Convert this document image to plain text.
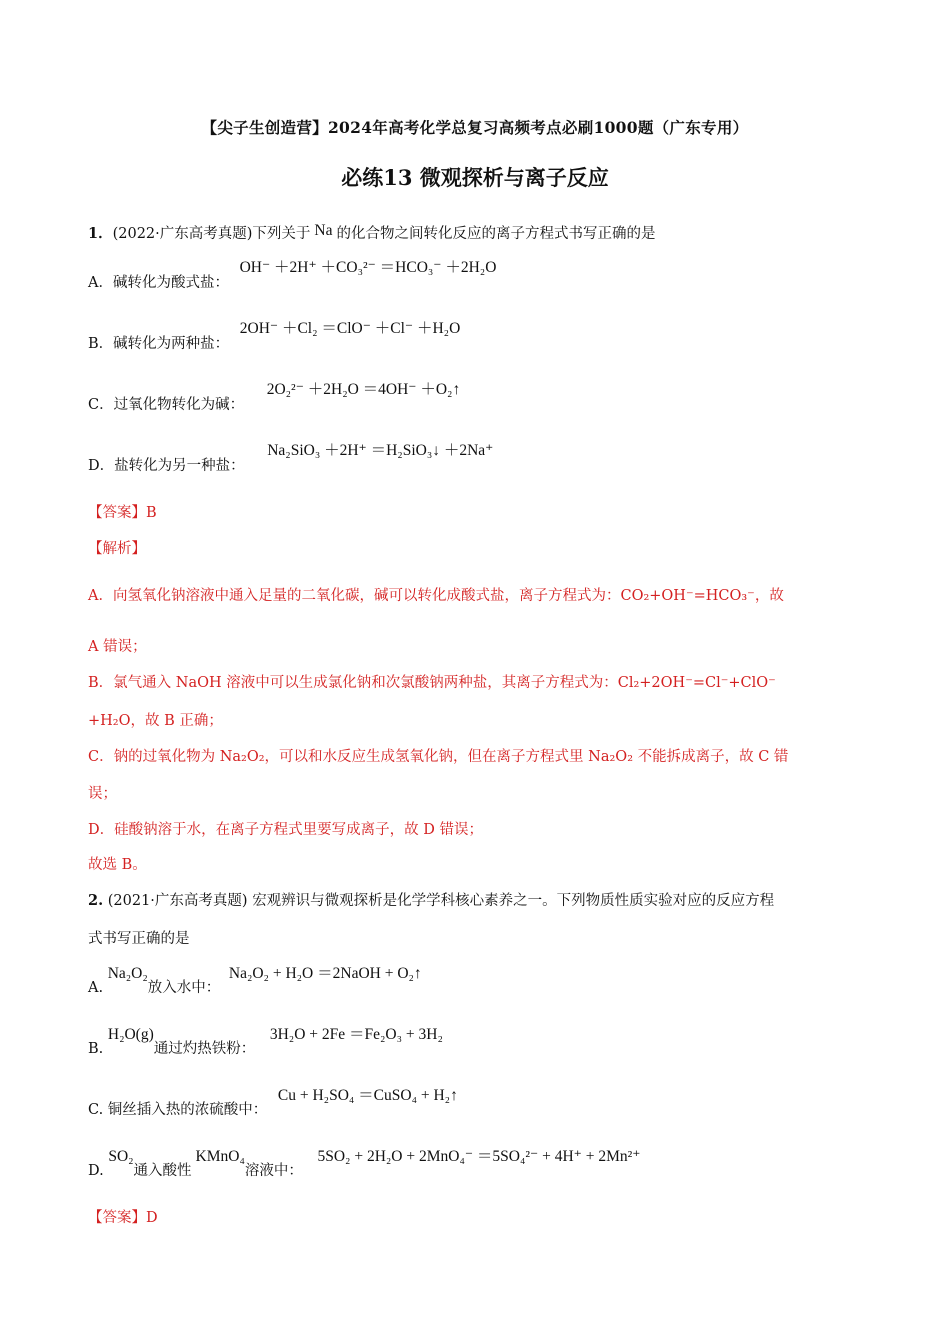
【尖子生创造营】2024年高考化学总复习高频考点必刷1000题（广东专用）
必练13 微观探析与离子反应
1．(2022·广东高考真题)下列关于 Na 的化合物之间转化反应的离子方程式书写正确的是
A．碱转化为酸式盐： OH⁻ ＋2H⁺ ＋CO₃²⁻ ＝HCO₃⁻ ＋2H₂O
B．碱转化为两种盐： 2OH⁻ ＋Cl₂ ＝ClO⁻ ＋Cl⁻ ＋H₂O
C．过氧化物转化为碱： 2O₂²⁻ ＋2H₂O ＝4OH⁻ ＋O₂↑
D．盐转化为另一种盐： Na₂SiO₃ ＋2H⁺ ＝H₂SiO₃↓ ＋2Na⁺
【答案】B
【解析】
A．向氢氧化钠溶液中通入足量的二氧化碳，碱可以转化成酸式盐，离子方程式为：CO₂+OH⁻=HCO₃⁻，故
A 错误；
B．氯气通入 NaOH 溶液中可以生成氯化钠和次氯酸钠两种盐，其离子方程式为：Cl₂+2OH⁻=Cl⁻+ClO⁻
+H₂O，故 B 正确；
C．钠的过氧化物为 Na₂O₂，可以和水反应生成氢氧化钠，但在离子方程式里 Na₂O₂ 不能拆成离子，故 C 错
误；
D．硅酸钠溶于水，在离子方程式里要写成离子，故 D 错误；
故选 B。
2. (2021·广东高考真题) 宏观辨识与微观探析是化学学科核心素养之一。下列物质性质实验对应的反应方程
式书写正确的是
A. Na₂O₂放入水中： Na₂O₂ + H₂O ＝2NaOH + O₂↑
B. H₂O(g)通过灼热铁粉： 3H₂O + 2Fe ＝Fe₂O₃ + 3H₂
C. 铜丝插入热的浓硫酸中： Cu + H₂SO₄ ＝CuSO₄ + H₂↑
D. SO₂通入酸性KMnO₄溶液中： 5SO₂ + 2H₂O + 2MnO₄⁻ ＝5SO₄²⁻ + 4H⁺ + 2Mn²⁺
【答案】D
